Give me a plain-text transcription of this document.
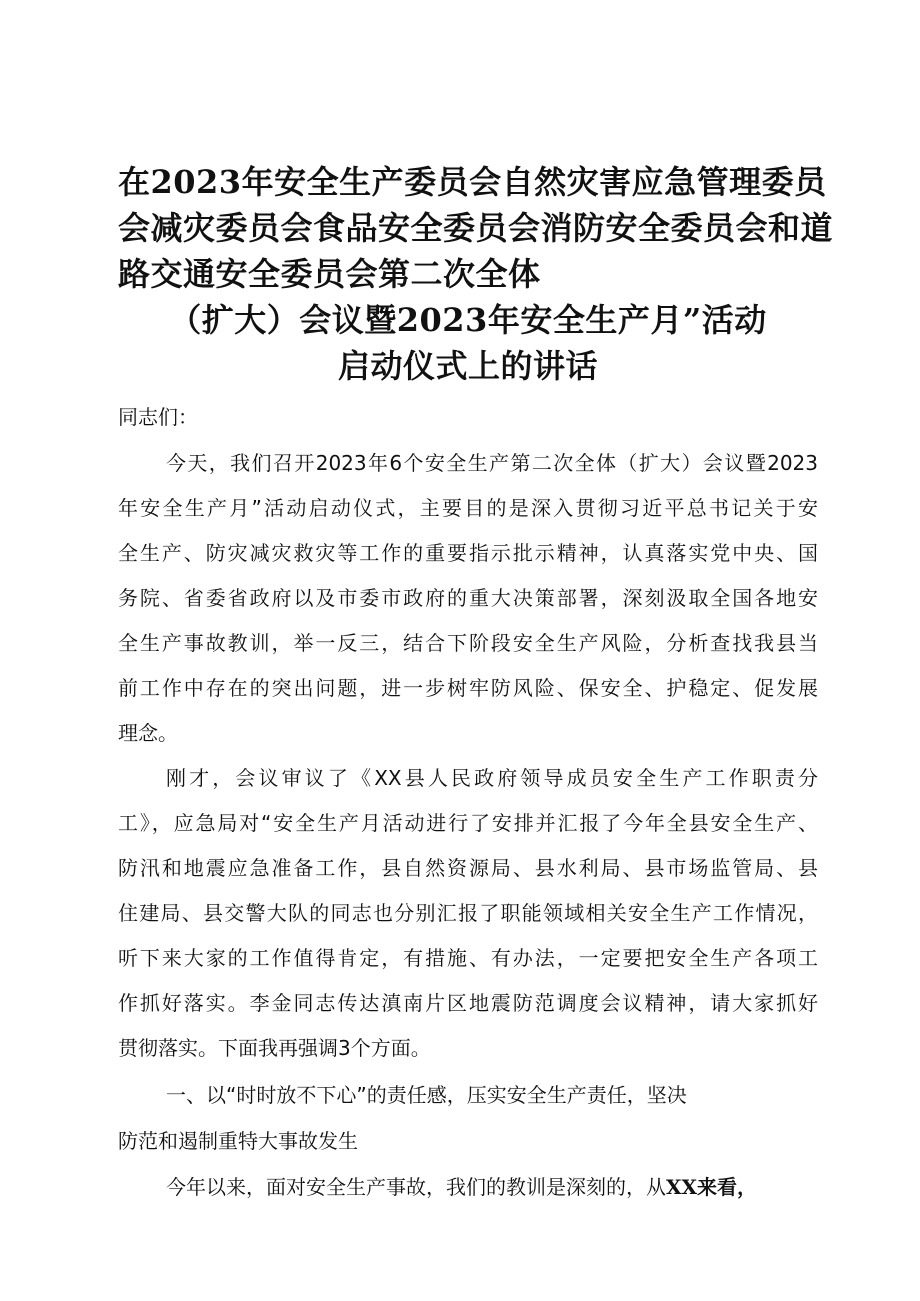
在2023年安全生产委员会自然灾害应急管理委员
会减灾委员会食品安全委员会消防安全委员会和道
路交通安全委员会第二次全体
（扩大）会议暨2023年安全生产月”活动
启动仪式上的讲话
同志们：
今天，我们召开2023年6个安全生产第二次全体（扩大）会议暨2023
年安全生产月”活动启动仪式，主要目的是深入贯彻习近平总书记关于安
全生产、防灾减灾救灾等工作的重要指示批示精神，认真落实党中央、国
务院、省委省政府以及市委市政府的重大决策部署，深刻汲取全国各地安
全生产事故教训，举一反三，结合下阶段安全生产风险，分析查找我县当
前工作中存在的突出问题，进一步树牢防风险、保安全、护稳定、促发展
理念。
刚才，会议审议了《XX县人民政府领导成员安全生产工作职责分
工》，应急局对“安全生产月活动进行了安排并汇报了今年全县安全生产、
防汛和地震应急准备工作，县自然资源局、县水利局、县市场监管局、县
住建局、县交警大队的同志也分别汇报了职能领域相关安全生产工作情况，
听下来大家的工作值得肯定，有措施、有办法，一定要把安全生产各项工
作抓好落实。李金同志传达滇南片区地震防范调度会议精神，请大家抓好
贯彻落实。下面我再强调3个方面。
一、以“时时放不下心”的责任感，压实安全生产责任，坚决
防范和遏制重特大事故发生
今年以来，面对安全生产事故，我们的教训是深刻的，从XX来看，
